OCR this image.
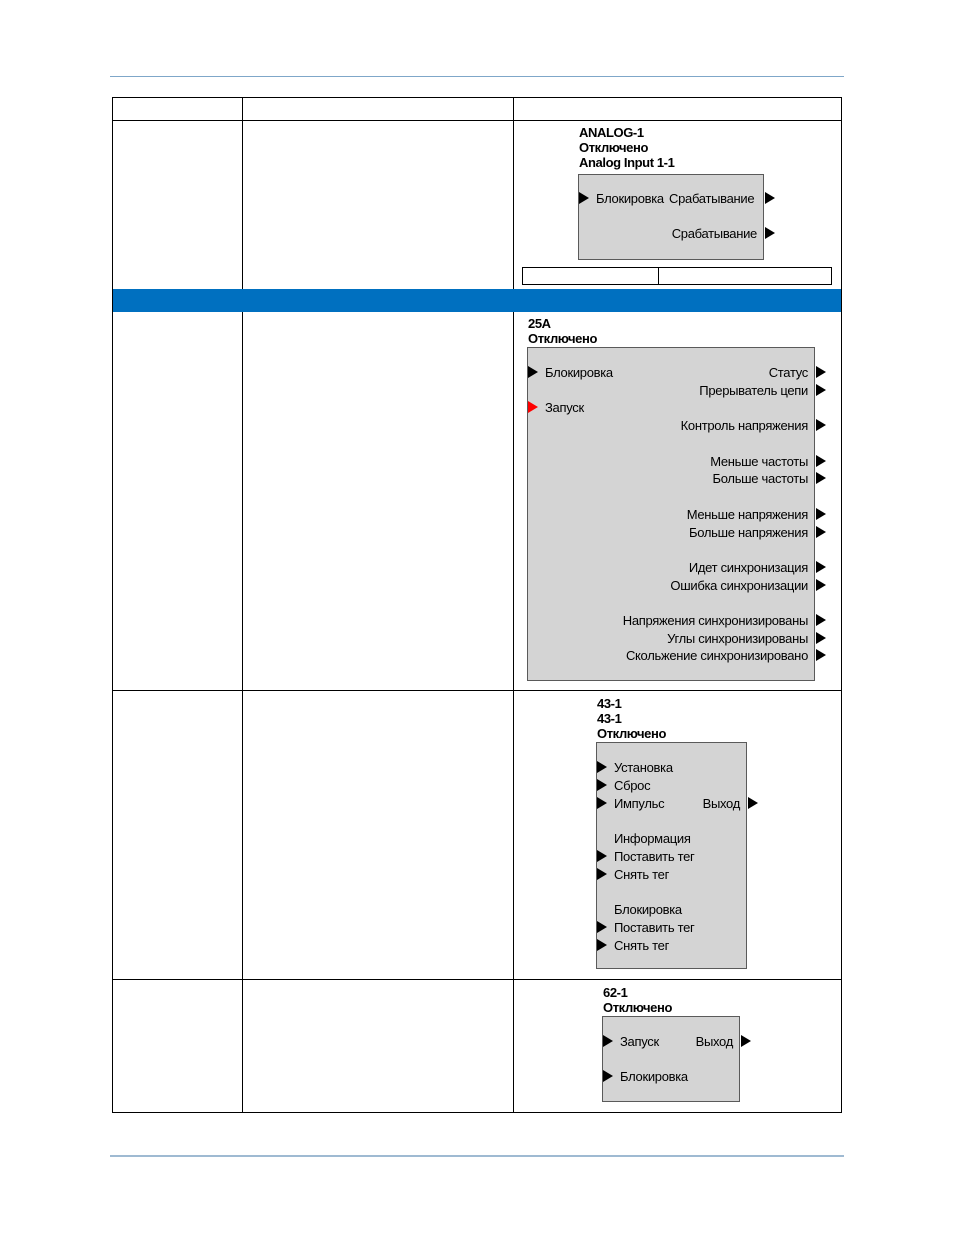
ANALOG-1
Отключено
Analog Input 1-1
Блокировка Срабатывание
Срабатывание
25A
Отключено
Блокировка
Запуск
Статус
Прерыватель цепи
Контроль напряжения
Меньше частоты
Больше частоты
Меньше напряжения
Больше напряжения
Идет синхронизация
Ошибка синхронизации
Напряжения синхронизированы
Углы синхронизированы
Скольжение синхронизировано
43-1
43-1
Отключено
Установка
Сброс
Импульс	Выход
Информация
Поставить тег
Снять тег
Блокировка
Поставить тег
Снять тег
62-1
Отключено
Запуск	Выход
Блокировка
